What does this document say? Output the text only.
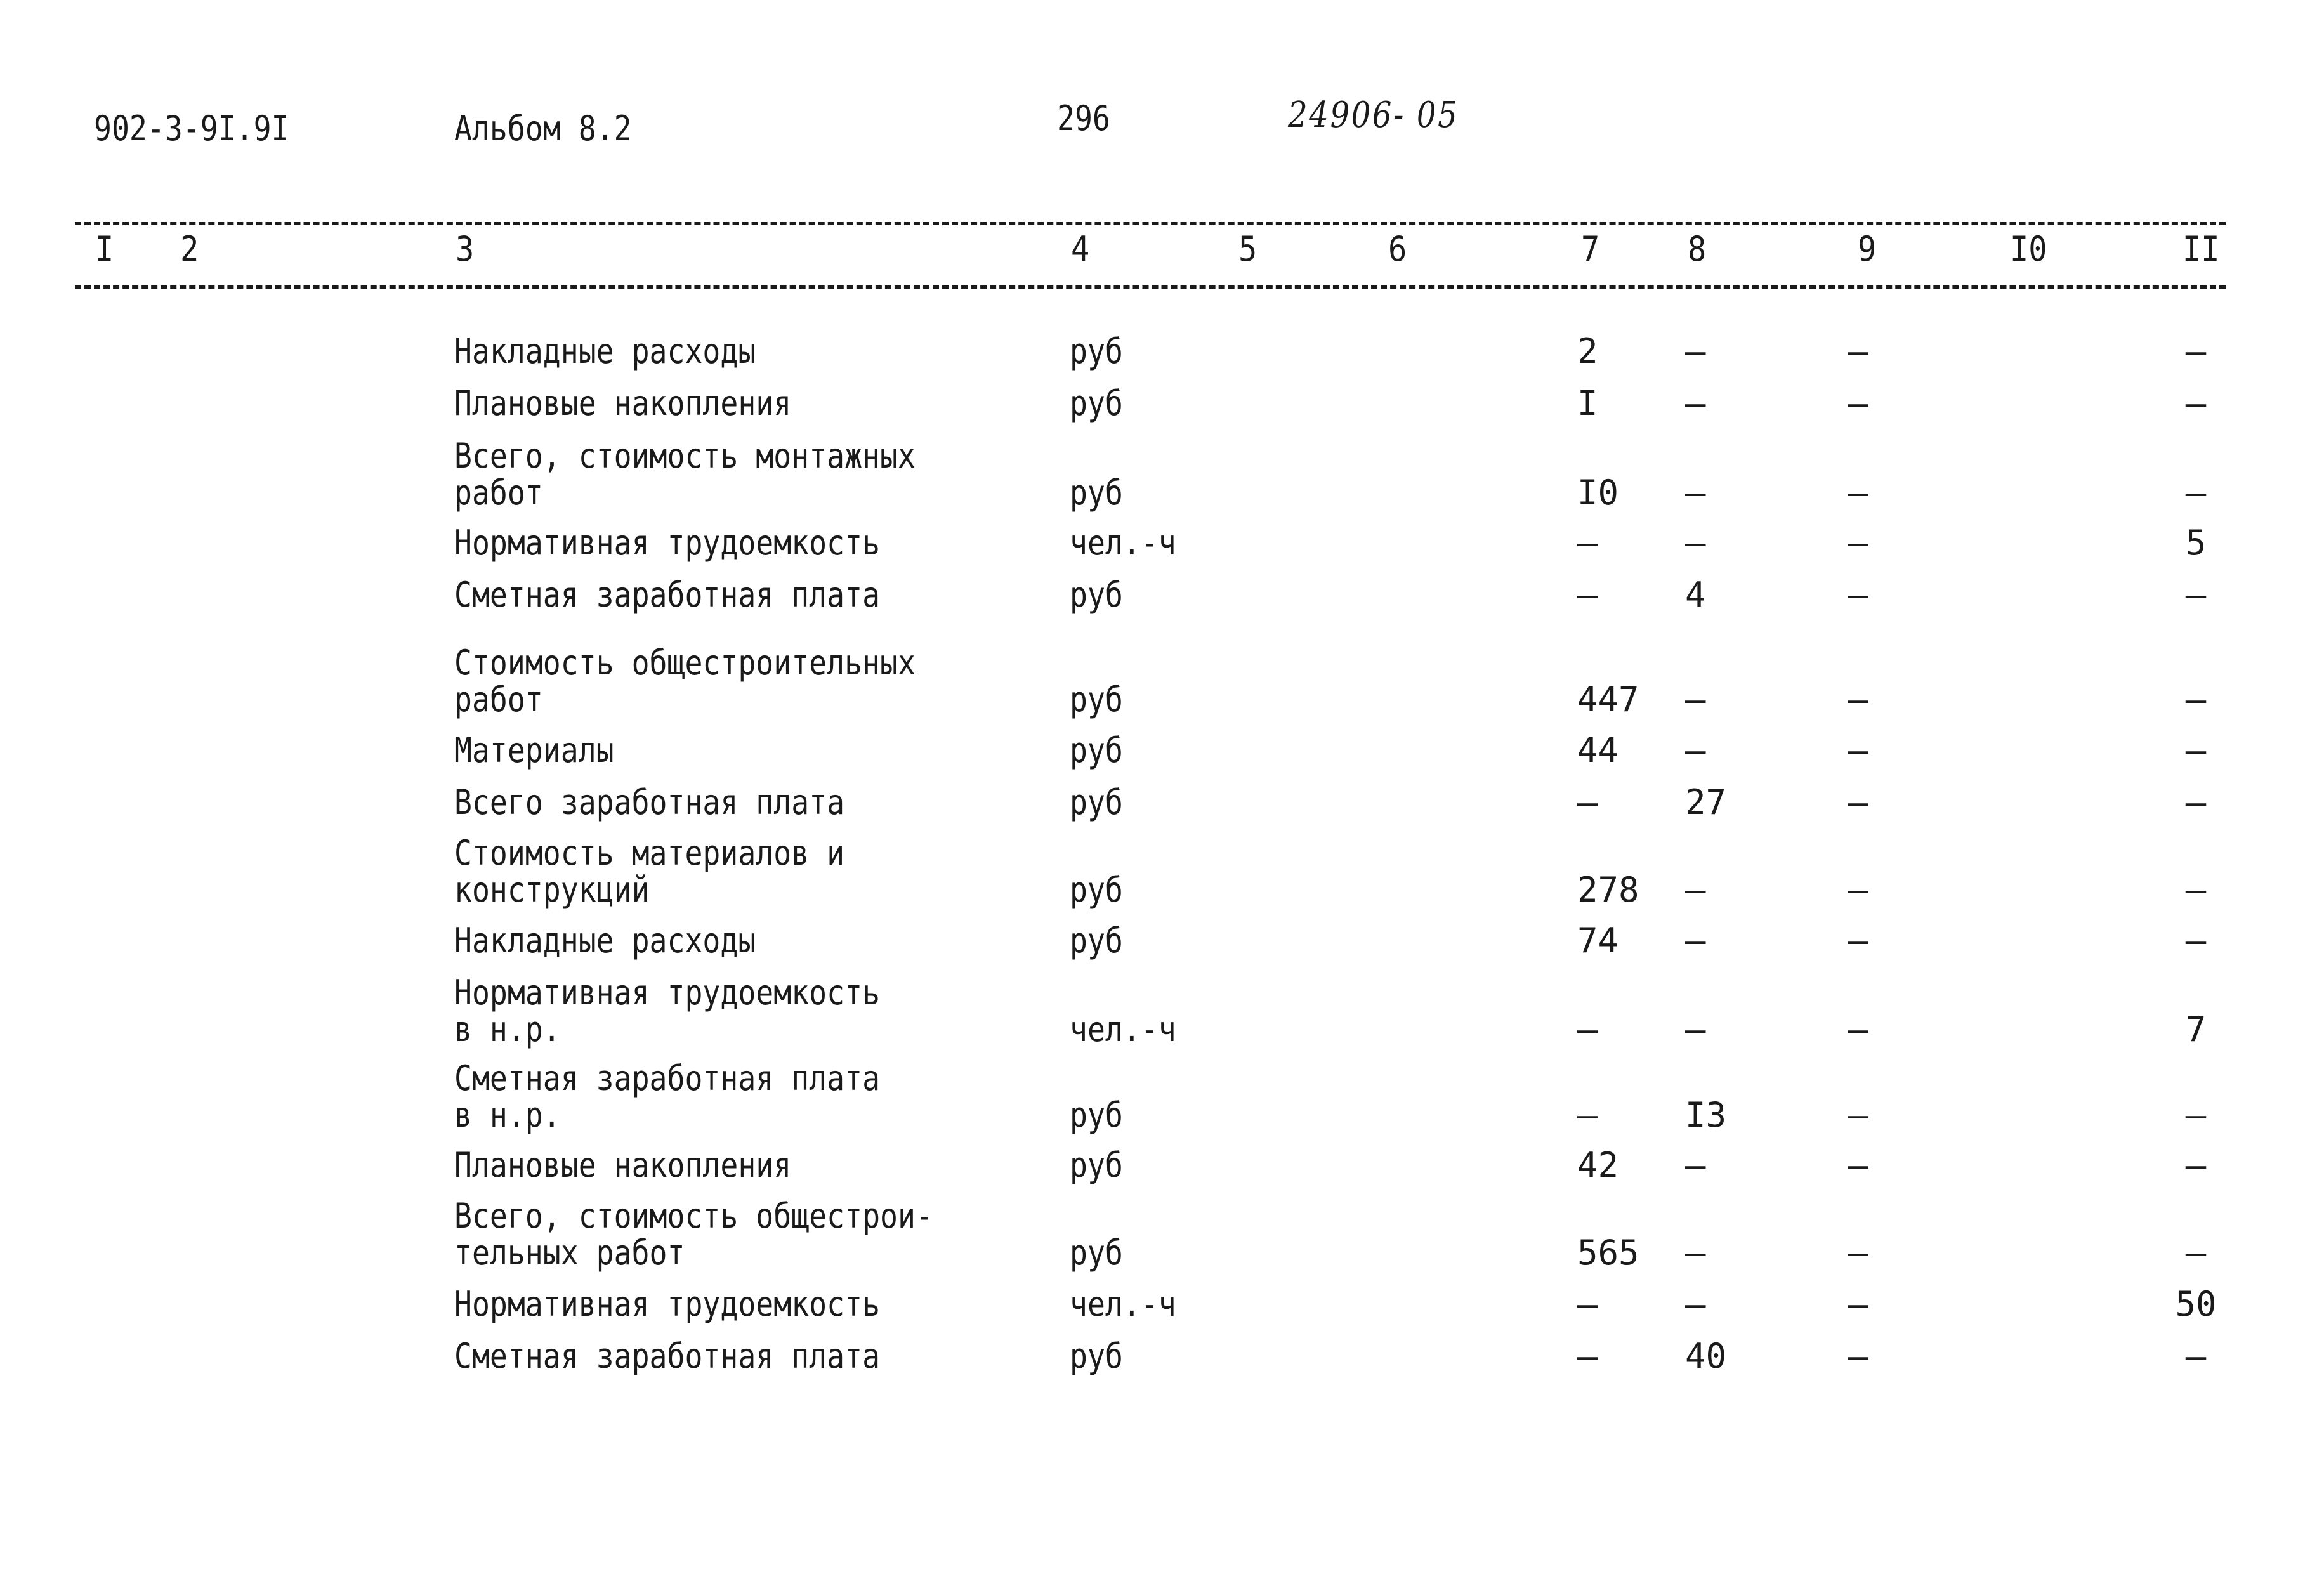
902-3-9I.9I	Альбом 8.2	296	24906- 05
I 2	3	4	5	6	7	8	9	I0	II
Накладные расходы	руб	2	–	–	–
Плановые накопления	руб	I	–	–	–
Всего, стоимость монтажных
работ	руб	I0	–	–	–
Нормативная трудоемкость	чел.-ч	–	–	–	5
Сметная заработная плата	руб	–	4	–	–
Стоимость общестроительных
работ	руб	447	–	–	–
Материалы	руб	44	–	–	–
Всего заработная плата	руб	–	27	–	–
Стоимость материалов и
конструкций	руб	278	–	–	–
Накладные расходы	руб	74	–	–	–
Нормативная трудоемкость
в н.р.	чел.-ч	–	–	–	7
Сметная заработная плата
в н.р.	руб	–	I3	–	–
Плановые накопления	руб	42	–	–	–
Всего, стоимость общестрои-
тельных работ	руб	565	–	–	–
Нормативная трудоемкость	чел.-ч	–	–	–	50
Сметная заработная плата	руб	–	40	–	–
